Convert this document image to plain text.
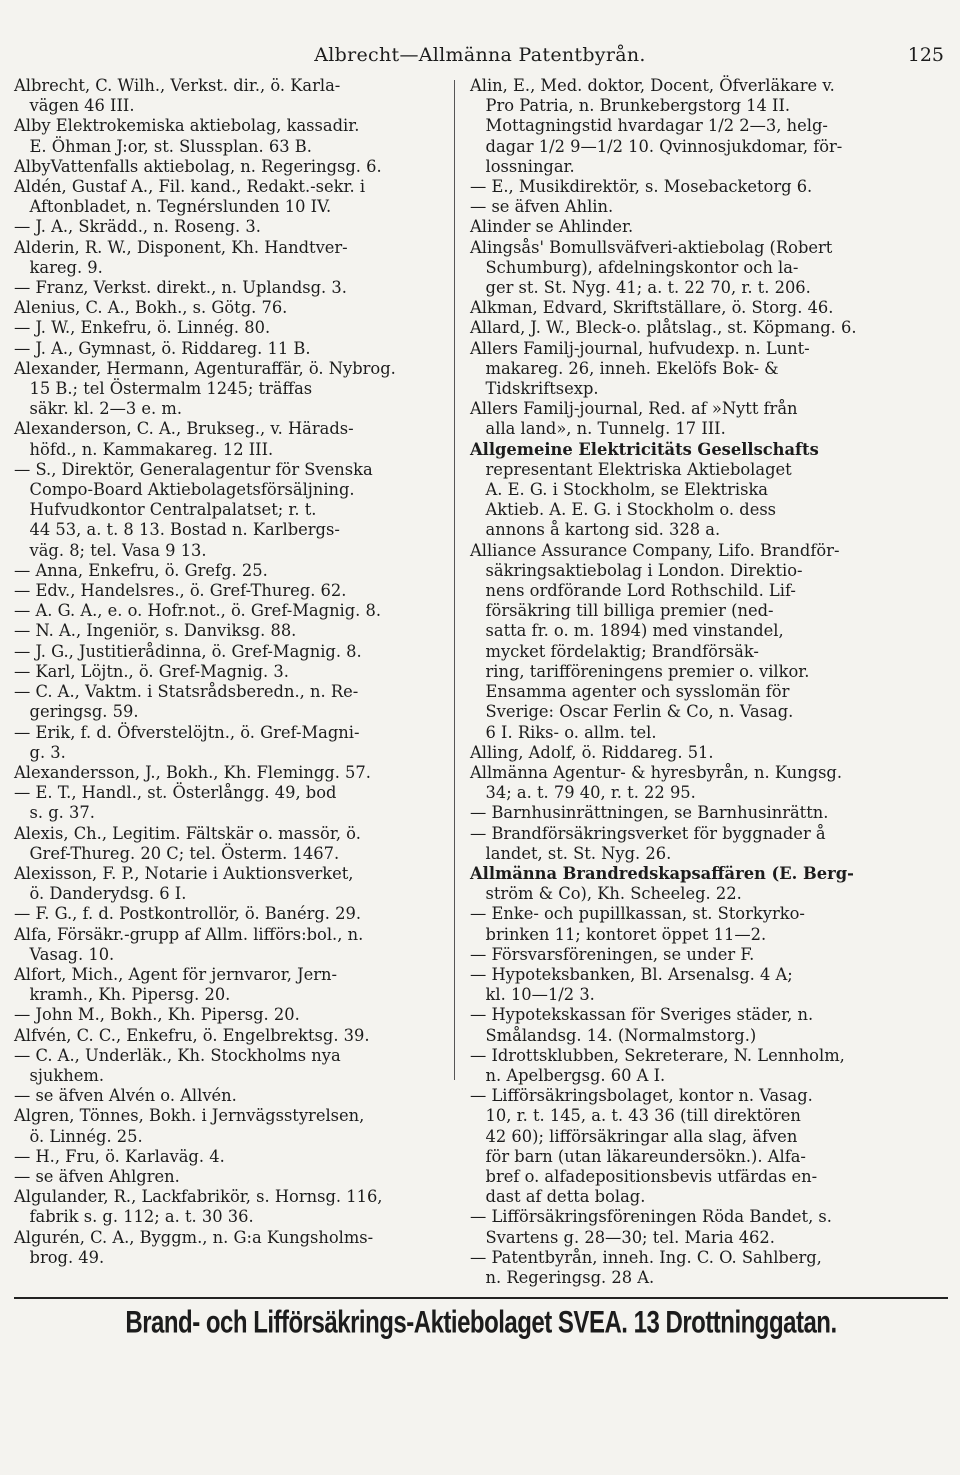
Albrecht—Allmänna Patentbyrån.	125

Albrecht, C. Wilh., Verkst. dir., ö. Karla-

vägen 46 III.

Alby Elektrokemiska aktiebolag, kassadir.

E. Öhman J:or, st. Slussplan. 63 B.

AlbyVattenfalls aktiebolag, n. Regeringsg. 6.

Aldén, Gustaf A., Fil. kand., Redakt.-sekr. i

Aftonbladet, n. Tegnérslunden 10 IV.

— J. A., Skrädd., n. Roseng. 3.

Alderin, R. W., Disponent, Kh. Handtver-

kareg. 9.

— Franz, Verkst. direkt., n. Uplandsg. 3.

Alenius, C. A., Bokh., s. Götg. 76.

— J. W., Enkefru, ö. Linnég. 80.

— J. A., Gymnast, ö. Riddareg. 11 B.

Alexander, Hermann, Agenturaffär, ö. Nybrog.

15 B.; tel Östermalm 1245; träffas

säkr. kl. 2—3 e. m.

Alexanderson, C. A., Brukseg., v. Härads-

höfd., n. Kammakareg. 12 III.

— S., Direktör, Generalagentur för Svenska

Compo-Board Aktiebolagetsförsäljning.

Hufvudkontor Centralpalatset; r. t.

44 53, a. t. 8 13. Bostad n. Karlbergs-

väg. 8; tel. Vasa 9 13.

— Anna, Enkefru, ö. Grefg. 25.

— Edv., Handelsres., ö. Gref-Thureg. 62.

— A. G. A., e. o. Hofr.not., ö. Gref-Magnig. 8.

— N. A., Ingeniör, s. Danviksg. 88.

— J. G., Justitierådinna, ö. Gref-Magnig. 8.

— Karl, Löjtn., ö. Gref-Magnig. 3.

— C. A., Vaktm. i Statsrådsberedn., n. Re-

geringsg. 59.

— Erik, f. d. Öfverstelöjtn., ö. Gref-Magni-

g. 3.

Alexandersson, J., Bokh., Kh. Flemingg. 57.

— E. T., Handl., st. Österlångg. 49, bod

s. g. 37.

Alexis, Ch., Legitim. Fältskär o. massör, ö.

Gref-Thureg. 20 C; tel. Österm. 1467.

Alexisson, F. P., Notarie i Auktionsverket,

ö. Danderydsg. 6 I.

— F. G., f. d. Postkontrollör, ö. Banérg. 29.

Alfa, Försäkr.-grupp af Allm. lifförs:bol., n.

Vasag. 10.

Alfort, Mich., Agent för jernvaror, Jern-

kramh., Kh. Pipersg. 20.

— John M., Bokh., Kh. Pipersg. 20.

Alfvén, C. C., Enkefru, ö. Engelbrektsg. 39.

— C. A., Underläk., Kh. Stockholms nya

sjukhem.

— se äfven Alvén o. Allvén.

Algren, Tönnes, Bokh. i Jernvägsstyrelsen,

ö. Linnég. 25.

— H., Fru, ö. Karlaväg. 4.

— se äfven Ahlgren.

Algulander, R., Lackfabrikör, s. Hornsg. 116,

fabrik s. g. 112; a. t. 30 36.

Algurén, C. A., Byggm., n. G:a Kungsholms-

brog. 49.

Alin, E., Med. doktor, Docent, Öfverläkare v.

Pro Patria, n. Brunkebergstorg 14 II.

Mottagningstid hvardagar 1/2 2—3, helg-

dagar 1/2 9—1/2 10. Qvinnosjukdomar, för-

lossningar.

— E., Musikdirektör, s. Mosebacketorg 6.

— se äfven Ahlin.

Alinder se Ahlinder.

Alingsås' Bomullsväfveri-aktiebolag (Robert

Schumburg), afdelningskontor och la-

ger st. St. Nyg. 41; a. t. 22 70, r. t. 206.

Alkman, Edvard, Skriftställare, ö. Storg. 46.

Allard, J. W., Bleck-o. plåtslag., st. Köpmang. 6.

Allers Familj-journal, hufvudexp. n. Lunt-

makareg. 26, inneh. Ekelöfs Bok- &

Tidskriftsexp.

Allers Familj-journal, Red. af »Nytt från

alla land», n. Tunnelg. 17 III.

Allgemeine Elektricitäts Gesellschafts

representant Elektriska Aktiebolaget

A. E. G. i Stockholm, se Elektriska

Aktieb. A. E. G. i Stockholm o. dess

annons å kartong sid. 328 a.

Alliance Assurance Company, Lifo. Brandför-

säkringsaktiebolag i London. Direktio-

nens ordförande Lord Rothschild. Lif-

försäkring till billiga premier (ned-

satta fr. o. m. 1894) med vinstandel,

mycket fördelaktig; Brandförsäk-

ring, tarifföreningens premier o. vilkor.

Ensamma agenter och sysslomän för

Sverige: Oscar Ferlin & Co, n. Vasag.

6 I. Riks- o. allm. tel.

Alling, Adolf, ö. Riddareg. 51.

Allmänna Agentur- & hyresbyrån, n. Kungsg.

34; a. t. 79 40, r. t. 22 95.

— Barnhusinrättningen, se Barnhusinrättn.

— Brandförsäkringsverket för byggnader å

landet, st. St. Nyg. 26.

Allmänna Brandredskapsaffären (E. Berg-

ström & Co), Kh. Scheeleg. 22.

— Enke- och pupillkassan, st. Storkyrko-

brinken 11; kontoret öppet 11—2.

— Försvarsföreningen, se under F.

— Hypoteksbanken, Bl. Arsenalsg. 4 A;

kl. 10—1/2 3.

— Hypotekskassan för Sveriges städer, n.

Smålandsg. 14. (Normalmstorg.)

— Idrottsklubben, Sekreterare, N. Lennholm,

n. Apelbergsg. 60 A I.

— Lifförsäkringsbolaget, kontor n. Vasag.

10, r. t. 145, a. t. 43 36 (till direktören

42 60); lifförsäkringar alla slag, äfven

för barn (utan läkareundersökn.). Alfa-

bref o. alfadepositionsbevis utfärdas en-

dast af detta bolag.

— Lifförsäkringsföreningen Röda Bandet, s.

Svartens g. 28—30; tel. Maria 462.

— Patentbyrån, inneh. Ing. C. O. Sahlberg,

n. Regeringsg. 28 A.

Brand- och Lifförsäkrings-Aktiebolaget SVEA. 13 Drottninggatan.
